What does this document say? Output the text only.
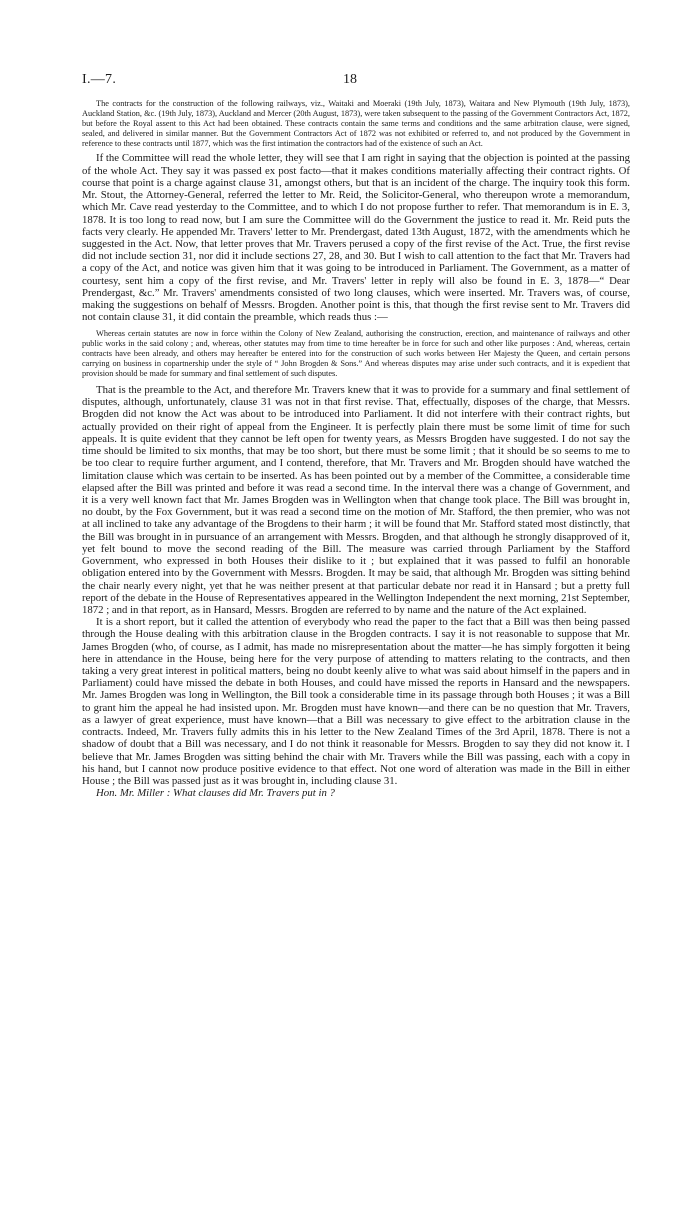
I.—7.	18

The contracts for the construction of the following railways, viz., Waitaki and Moeraki (19th July, 1873), Waitara and New Plymouth (19th July, 1873), Auckland Station, &c. (19th July, 1873), Auckland and Mercer (20th August, 1873), were taken subsequent to the passing of the Government Contractors Act, 1872, but before the Royal assent to this Act had been obtained. These contracts contain the same terms and conditions and the same arbitration clause, were signed, sealed, and delivered in similar manner. But the Government Contractors Act of 1872 was not exhibited or referred to, and not produced by the Government in reference to these contracts until 1877, which was the first intimation the contractors had of the existence of such an Act.

If the Committee will read the whole letter, they will see that I am right in saying that the objection is pointed at the passing of the whole Act. They say it was passed ex post facto—that it makes conditions materially affecting their contract rights. Of course that point is a charge against clause 31, amongst others, but that is an incident of the charge. The inquiry took this form. Mr. Stout, the Attorney-General, referred the letter to Mr. Reid, the Solicitor-General, who thereupon wrote a memorandum, which Mr. Cave read yesterday to the Committee, and to which I do not propose further to refer. That memorandum is in E. 3, 1878. It is too long to read now, but I am sure the Committee will do the Government the justice to read it. Mr. Reid puts the facts very clearly. He appended Mr. Travers' letter to Mr. Prendergast, dated 13th August, 1872, with the amendments which he suggested in the Act. Now, that letter proves that Mr. Travers perused a copy of the first revise of the Act. True, the first revise did not include section 31, nor did it include sections 27, 28, and 30. But I wish to call attention to the fact that Mr. Travers had a copy of the Act, and notice was given him that it was going to be introduced in Parliament. The Government, as a matter of courtesy, sent him a copy of the first revise, and Mr. Travers' letter in reply will also be found in E. 3, 1878—“ Dear Prendergast, &c.” Mr. Travers' amendments consisted of two long clauses, which were inserted. Mr. Travers was, of course, making the suggestions on behalf of Messrs. Brogden. Another point is this, that though the first revise sent to Mr. Travers did not contain clause 31, it did contain the preamble, which reads thus :—

Whereas certain statutes are now in force within the Colony of New Zealand, authorising the construction, erection, and maintenance of railways and other public works in the said colony ; and, whereas, other statutes may from time to time hereafter be in force for such and other like purposes : And, whereas, certain contracts have been already, and others may hereafter be entered into for the construction of such works between Her Majesty the Queen, and certain persons carrying on business in copartnership under the style of “ John Brogden & Sons.” And whereas disputes may arise under such contracts, and it is expedient that provision should be made for summary and final settlement of such disputes.

That is the preamble to the Act, and therefore Mr. Travers knew that it was to provide for a summary and final settlement of disputes, although, unfortunately, clause 31 was not in that first revise. That, effectually, disposes of the charge, that Messrs. Brogden did not know the Act was about to be introduced into Parliament. It did not interfere with their contract rights, but actually provided on their right of appeal from the Engineer. It is perfectly plain there must be some limit of time for such appeals. It is quite evident that they cannot be left open for twenty years, as Messrs Brogden have suggested. I do not say the time should be limited to six months, that may be too short, but there must be some limit ; that it should be so seems to me to be too clear to require further argument, and I contend, therefore, that Mr. Travers and Mr. Brogden should have watched the limitation clause which was certain to be inserted. As has been pointed out by a member of the Committee, a considerable time elapsed after the Bill was printed and before it was read a second time. In the interval there was a change of Government, and it is a very well known fact that Mr. James Brogden was in Wellington when that change took place. The Bill was brought in, no doubt, by the Fox Government, but it was read a second time on the motion of Mr. Stafford, the then premier, who was not at all inclined to take any advantage of the Brogdens to their harm ; it will be found that Mr. Stafford stated most distinctly, that the Bill was brought in in pursuance of an arrangement with Messrs. Brogden, and that although he strongly disapproved of it, yet felt bound to move the second reading of the Bill. The measure was carried through Parliament by the Stafford Government, who expressed in both Houses their dislike to it ; but explained that it was passed to fulfil an honorable obligation entered into by the Government with Messrs. Brogden. It may be said, that although Mr. Brogden was sitting behind the chair nearly every night, yet that he was neither present at that particular debate nor read it in Hansard ; but a pretty full report of the debate in the House of Representatives appeared in the Wellington Independent the next morning, 21st September, 1872 ; and in that report, as in Hansard, Messrs. Brogden are referred to by name and the nature of the Act explained.

It is a short report, but it called the attention of everybody who read the paper to the fact that a Bill was then being passed through the House dealing with this arbitration clause in the Brogden contracts. I say it is not reasonable to suppose that Mr. James Brogden (who, of course, as I admit, has made no misrepresentation about the matter—he has simply forgotten it being here in attendance in the House, being here for the very purpose of attending to matters relating to the contracts, and then taking a very great interest in political matters, being no doubt keenly alive to what was said about himself in the papers and in Parliament) could have missed the debate in both Houses, and could have missed the reports in Hansard and the newspapers. Mr. James Brogden was long in Wellington, the Bill took a considerable time in its passage through both Houses ; it was a Bill to grant him the appeal he had insisted upon. Mr. Brogden must have known—and there can be no question that Mr. Travers, as a lawyer of great experience, must have known—that a Bill was necessary to give effect to the arbitration clause in the contracts. Indeed, Mr. Travers fully admits this in his letter to the New Zealand Times of the 3rd April, 1878. There is not a shadow of doubt that a Bill was necessary, and I do not think it reasonable for Messrs. Brogden to say they did not know it. I believe that Mr. James Brogden was sitting behind the chair with Mr. Travers while the Bill was passing, each with a copy in his hand, but I cannot now produce positive evidence to that effect. Not one word of alteration was made in the Bill in either House ; the Bill was passed just as it was brought in, including clause 31.

Hon. Mr. Miller : What clauses did Mr. Travers put in ?
